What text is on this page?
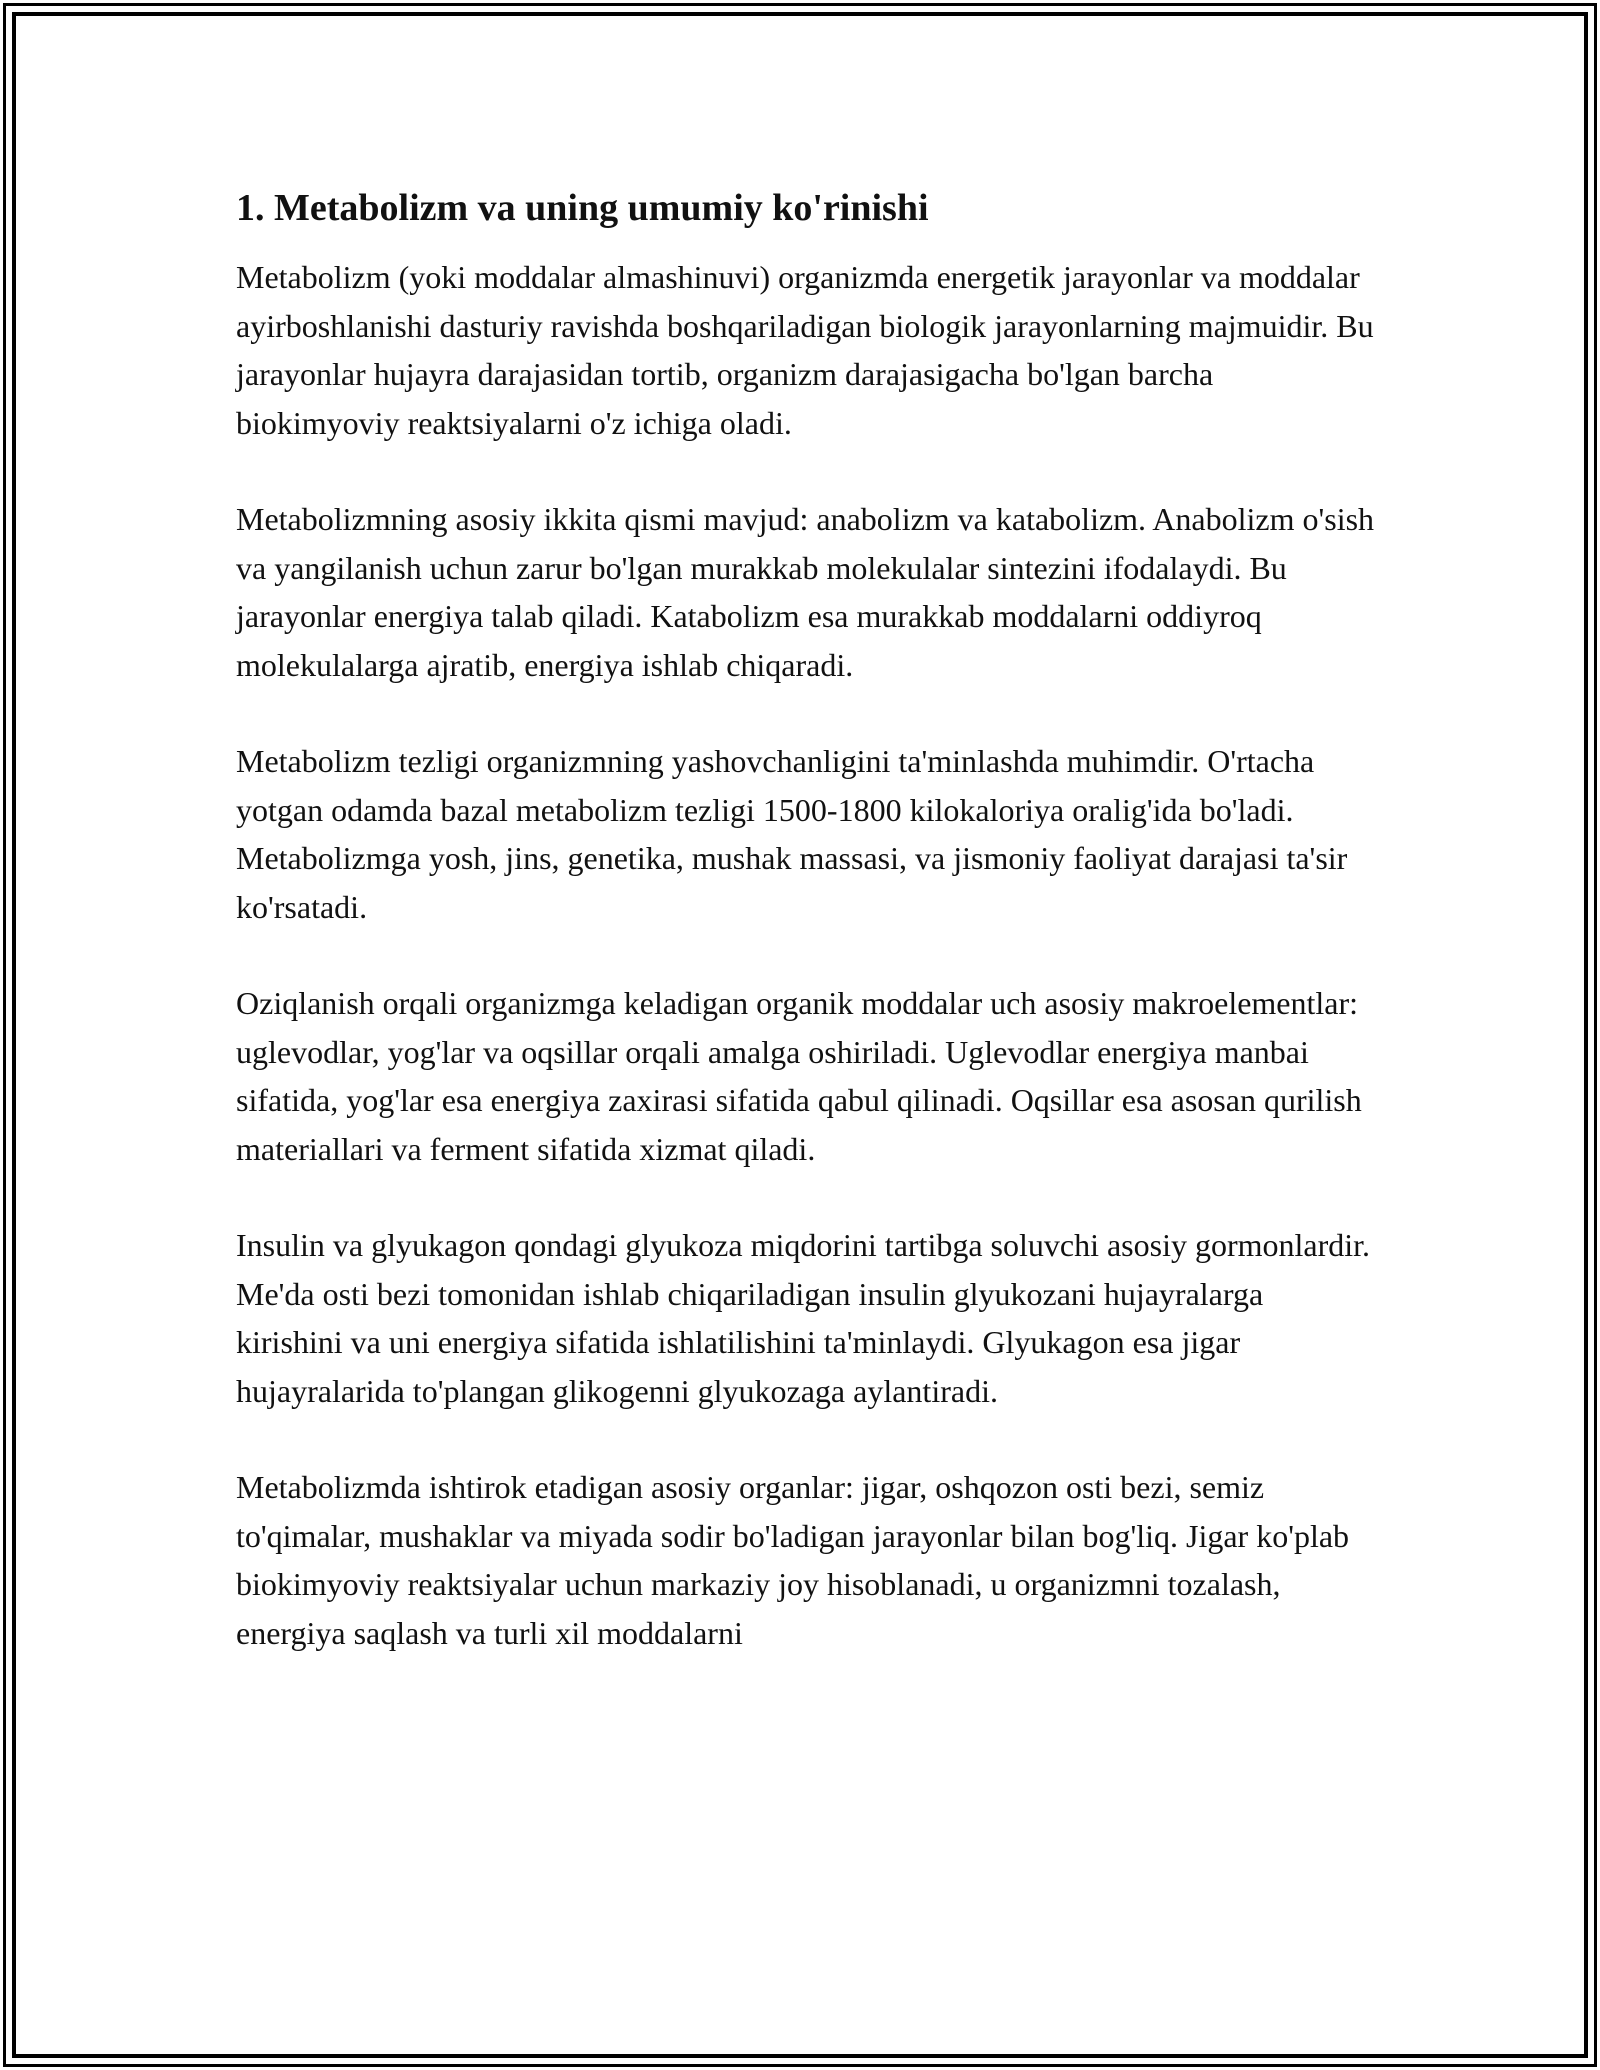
1. Metabolizm va uning umumiy ko'rinishi

Metabolizm (yoki moddalar almashinuvi) organizmda energetik jarayonlar va moddalar ayirboshlanishi dasturiy ravishda boshqariladigan biologik jarayonlarning majmuidir. Bu jarayonlar hujayra darajasidan tortib, organizm darajasigacha bo'lgan barcha biokimyoviy reaktsiyalarni o'z ichiga oladi.

Metabolizmning asosiy ikkita qismi mavjud: anabolizm va katabolizm. Anabolizm o'sish va yangilanish uchun zarur bo'lgan murakkab molekulalar sintezini ifodalaydi. Bu jarayonlar energiya talab qiladi. Katabolizm esa murakkab moddalarni oddiyroq molekulalarga ajratib, energiya ishlab chiqaradi.

Metabolizm tezligi organizmning yashovchanligini ta'minlashda muhimdir. O'rtacha yotgan odamda bazal metabolizm tezligi 1500-1800 kilokaloriya oralig'ida bo'ladi. Metabolizmga yosh, jins, genetika, mushak massasi, va jismoniy faoliyat darajasi ta'sir ko'rsatadi.

Oziqlanish orqali organizmga keladigan organik moddalar uch asosiy makroelementlar: uglevodlar, yog'lar va oqsillar orqali amalga oshiriladi. Uglevodlar energiya manbai sifatida, yog'lar esa energiya zaxirasi sifatida qabul qilinadi. Oqsillar esa asosan qurilish materiallari va ferment sifatida xizmat qiladi.

Insulin va glyukagon qondagi glyukoza miqdorini tartibga soluvchi asosiy gormonlardir. Me'da osti bezi tomonidan ishlab chiqariladigan insulin glyukozani hujayralarga kirishini va uni energiya sifatida ishlatilishini ta'minlaydi. Glyukagon esa jigar hujayralarida to'plangan glikogenni glyukozaga aylantiradi.

Metabolizmda ishtirok etadigan asosiy organlar: jigar, oshqozon osti bezi, semiz to'qimalar, mushaklar va miyada sodir bo'ladigan jarayonlar bilan bog'liq. Jigar ko'plab biokimyoviy reaktsiyalar uchun markaziy joy hisoblanadi, u organizmni tozalash, energiya saqlash va turli xil moddalarni
